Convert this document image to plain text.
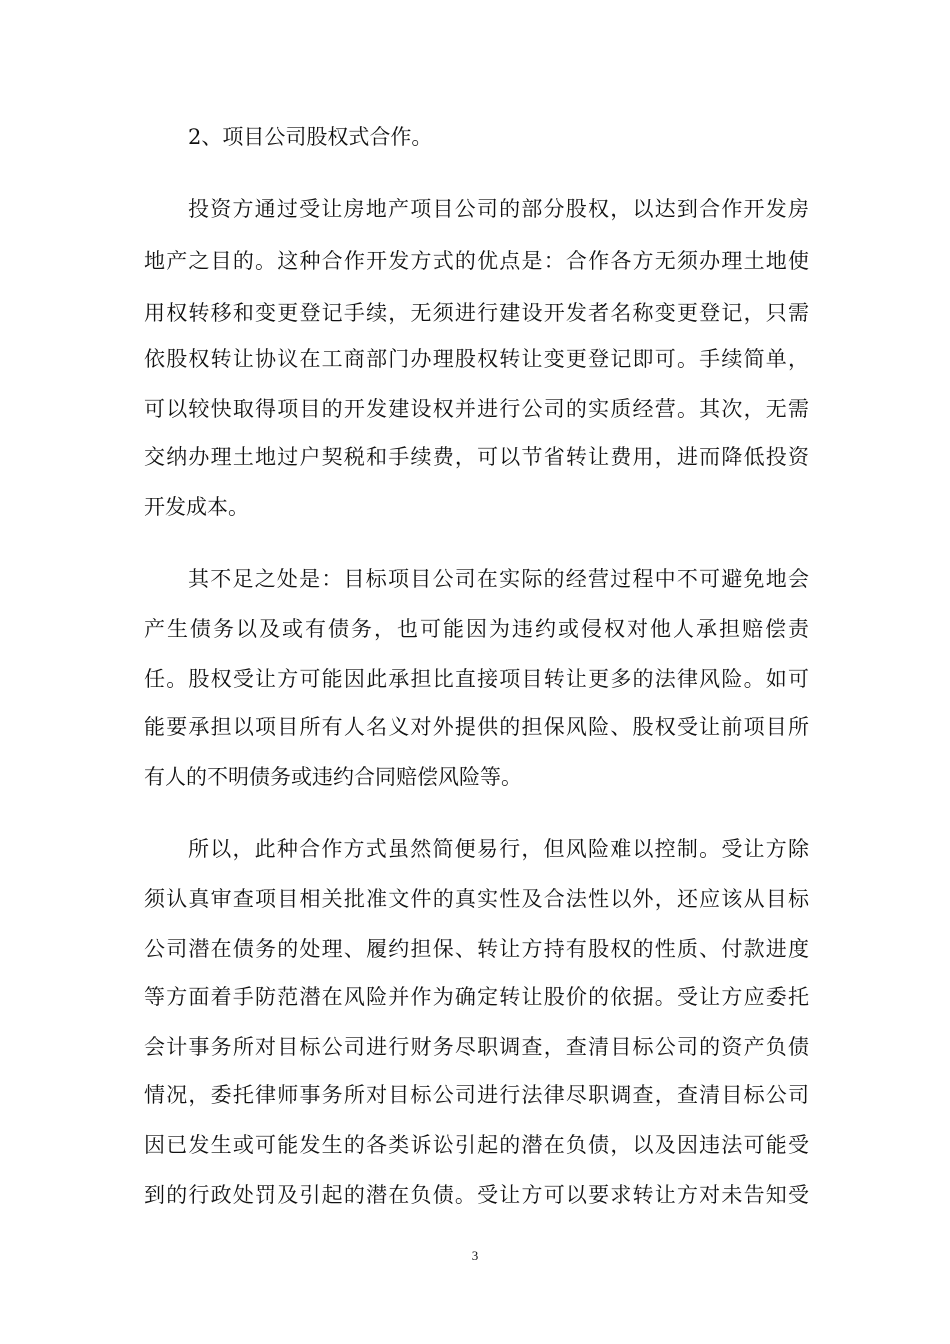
2、项目公司股权式合作。
投资方通过受让房地产项目公司的部分股权，以达到合作开发房
地产之目的。这种合作开发方式的优点是：合作各方无须办理土地使
用权转移和变更登记手续，无须进行建设开发者名称变更登记，只需
依股权转让协议在工商部门办理股权转让变更登记即可。手续简单，
可以较快取得项目的开发建设权并进行公司的实质经营。其次，无需
交纳办理土地过户契税和手续费，可以节省转让费用，进而降低投资
开发成本。
其不足之处是：目标项目公司在实际的经营过程中不可避免地会
产生债务以及或有债务，也可能因为违约或侵权对他人承担赔偿责
任。股权受让方可能因此承担比直接项目转让更多的法律风险。如可
能要承担以项目所有人名义对外提供的担保风险、股权受让前项目所
有人的不明债务或违约合同赔偿风险等。
所以，此种合作方式虽然简便易行，但风险难以控制。受让方除
须认真审查项目相关批准文件的真实性及合法性以外，还应该从目标
公司潜在债务的处理、履约担保、转让方持有股权的性质、付款进度
等方面着手防范潜在风险并作为确定转让股价的依据。受让方应委托
会计事务所对目标公司进行财务尽职调查，查清目标公司的资产负债
情况，委托律师事务所对目标公司进行法律尽职调查，查清目标公司
因已发生或可能发生的各类诉讼引起的潜在负债，以及因违法可能受
到的行政处罚及引起的潜在负债。受让方可以要求转让方对未告知受
3
